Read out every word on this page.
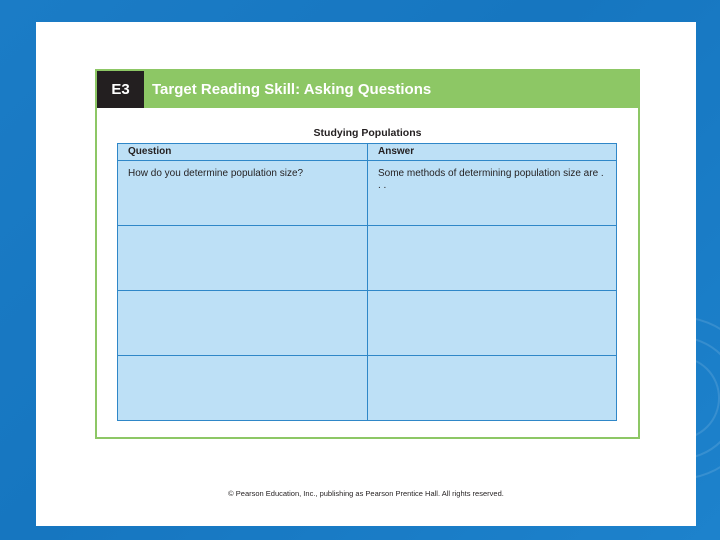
E3	Target Reading Skill: Asking Questions
Studying Populations
Question	Answer
How do you determine population size?	Some methods of determining population size are . . .
© Pearson Education, Inc., publishing as Pearson Prentice Hall. All rights reserved.
